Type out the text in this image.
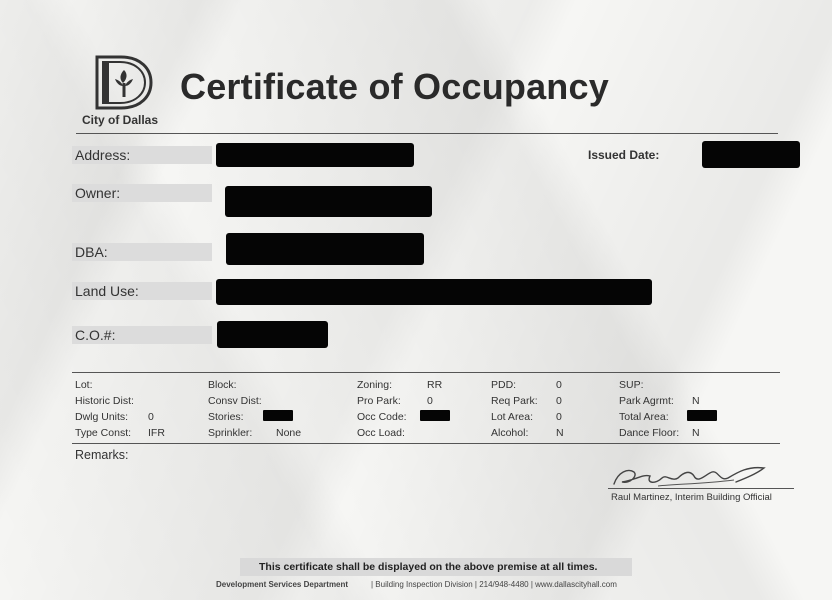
City of Dallas
Certificate of Occupancy
Address:	Issued Date:
Owner:
DBA:
Land Use:
C.O.#:
Lot:	Block:	Zoning:	RR	PDD:	0	SUP:
Historic Dist:	Consv Dist:	Pro Park: 0	Req Park: 0	Park Agrmt: N
Dwlg Units: 0	Stories:	Occ Code:	Lot Area: 0	Total Area:
Type Const: IFR	Sprinkler: None	Occ Load:	Alcohol:	N	Dance Floor: N
Remarks:
Raul Martinez, Interim Building Official
This certificate shall be displayed on the above premise at all times.
Development Services Department	| Building Inspection Division | 214/948-4480 | www.dallascityhall.com
